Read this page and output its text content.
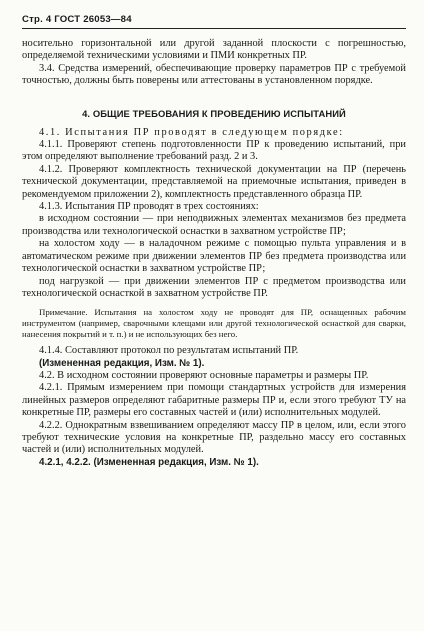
Стр. 4 ГОСТ 26053—84

носительно горизонтальной или другой заданной плоскости с погрешностью, определяемой техническими условиями и ПМИ конкретных ПР.

3.4. Средства измерений, обеспечивающие проверку параметров ПР с требуемой точностью, должны быть поверены или аттестованы в установленном порядке.

4. ОБЩИЕ ТРЕБОВАНИЯ К ПРОВЕДЕНИЮ ИСПЫТАНИЙ

4.1. Испытания ПР проводят в следующем порядке:

4.1.1. Проверяют степень подготовленности ПР к проведению испытаний, при этом определяют выполнение требований разд. 2 и 3.

4.1.2. Проверяют комплектность технической документации на ПР (перечень технической документации, представляемой на приемочные испытания, приведен в рекомендуемом приложении 2), комплектность представленного образца ПР.

4.1.3. Испытания ПР проводят в трех состояниях:

в исходном состоянии — при неподвижных элементах механизмов без предмета производства или технологической оснастки в захватном устройстве ПР;

на холостом ходу — в наладочном режиме с помощью пульта управления и в автоматическом режиме при движении элементов ПР без предмета производства или технологической оснастки в захватном устройстве ПР;

под нагрузкой — при движении элементов ПР с предметом производства или технологической оснасткой в захватном устройстве ПР.

Примечание. Испытания на холостом ходу не проводят для ПР, оснащенных рабочим инструментом (например, сварочными клещами или другой технологической оснасткой для сварки, нанесения покрытий и т. п.) и не использующих без него.

4.1.4. Составляют протокол по результатам испытаний ПР.

(Измененная редакция, Изм. № 1).

4.2. В исходном состоянии проверяют основные параметры и размеры ПР.

4.2.1. Прямым измерением при помощи стандартных устройств для измерения линейных размеров определяют габаритные размеры ПР и, если этого требуют ТУ на конкретные ПР, размеры его составных частей и (или) исполнительных модулей.

4.2.2. Однократным взвешиванием определяют массу ПР в целом, или, если этого требуют технические условия на конкретные ПР, раздельно массу его составных частей и (или) исполнительных модулей.

4.2.1, 4.2.2. (Измененная редакция, Изм. № 1).
